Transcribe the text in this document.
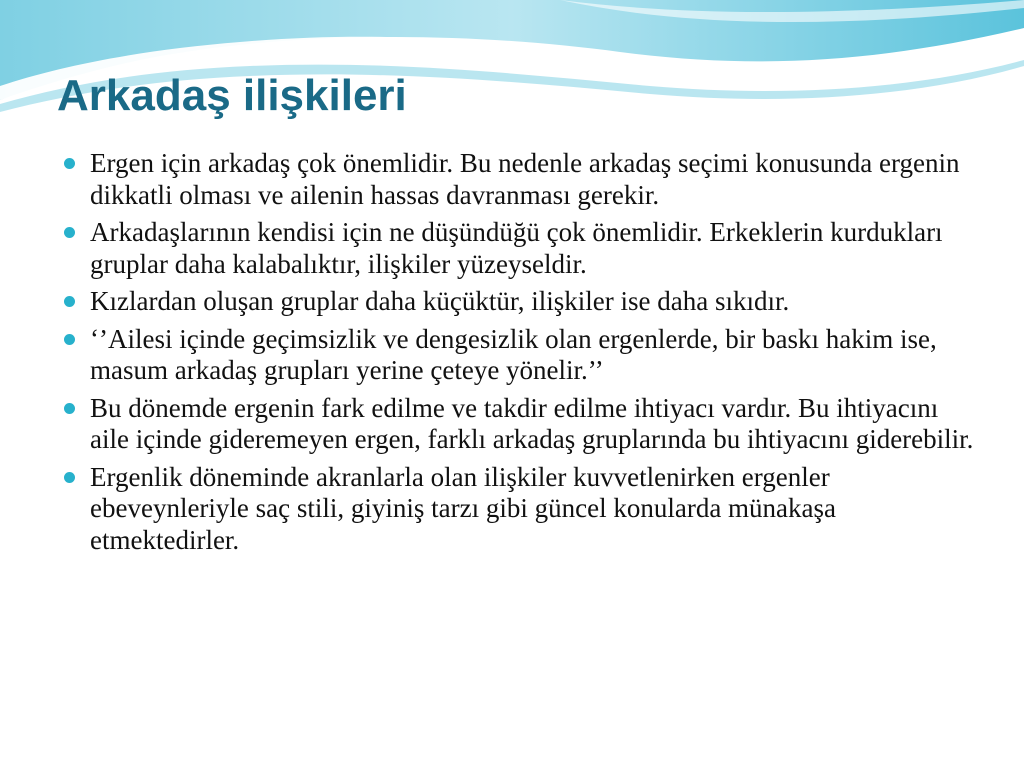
Arkadaş ilişkileri
Ergen için arkadaş çok önemlidir. Bu nedenle arkadaş seçimi konusunda ergenin dikkatli olması ve ailenin hassas davranması gerekir.
Arkadaşlarının kendisi için ne düşündüğü çok önemlidir. Erkeklerin kurdukları gruplar daha kalabalıktır, ilişkiler yüzeyseldir.
Kızlardan oluşan gruplar daha küçüktür, ilişkiler ise daha sıkıdır.
‘’Ailesi içinde geçimsizlik ve dengesizlik olan ergenlerde, bir baskı hakim ise, masum arkadaş grupları yerine çeteye yönelir.’’
Bu dönemde ergenin fark edilme ve takdir edilme ihtiyacı vardır. Bu ihtiyacını aile içinde gideremeyen ergen, farklı arkadaş gruplarında bu ihtiyacını giderebilir.
Ergenlik döneminde akranlarla olan ilişkiler kuvvetlenirken ergenler ebeveynleriyle saç stili, giyiniş tarzı gibi güncel konularda münakaşa etmektedirler.
